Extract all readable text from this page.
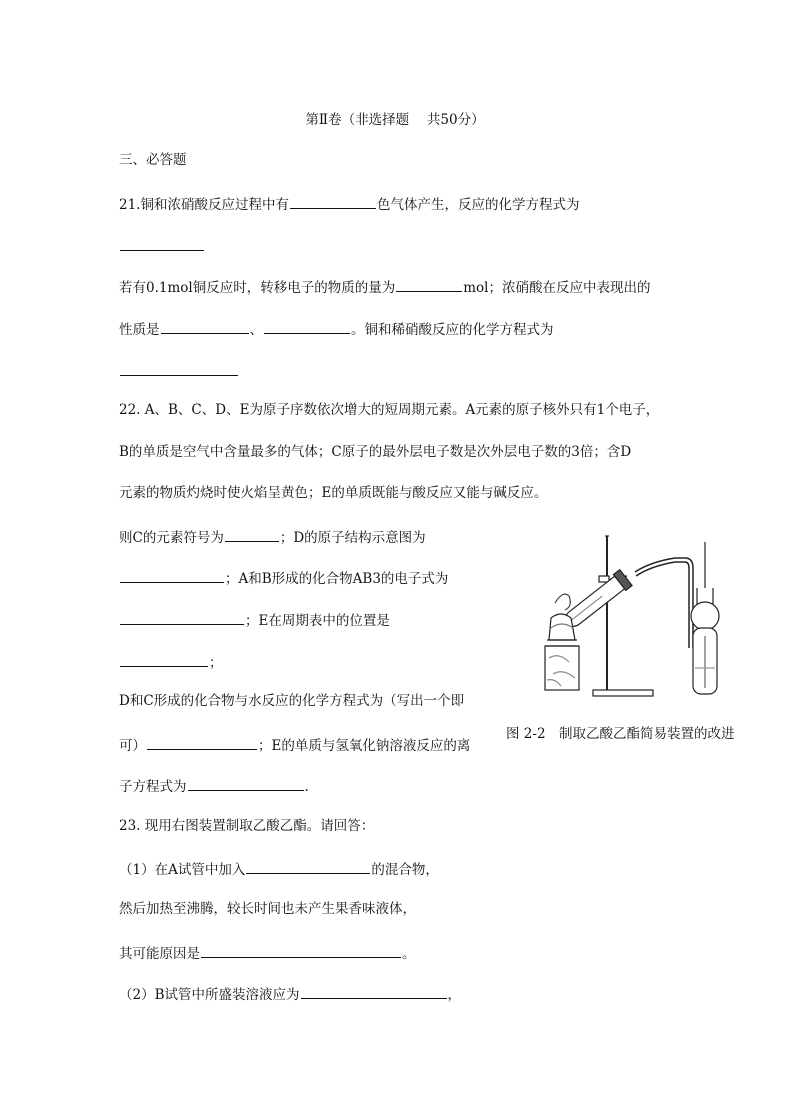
第Ⅱ卷（非选择题　 共50分）
三、必答题
21.铜和浓硝酸反应过程中有	色气体产生，反应的化学方程式为
若有0.1mol铜反应时，转移电子的物质的量为	mol；浓硝酸在反应中表现出的
性质是	、	。铜和稀硝酸反应的化学方程式为
22. A、B、C、D、E为原子序数依次增大的短周期元素。A元素的原子核外只有1个电子，
B的单质是空气中含量最多的气体；C原子的最外层电子数是次外层电子数的3倍；含D
元素的物质灼烧时使火焰呈黄色；E的单质既能与酸反应又能与碱反应。
则C的元素符号为	；D的原子结构示意图为
；A和B形成的化合物AB3的电子式为
；E在周期表中的位置是
；
D和C形成的化合物与水反应的化学方程式为（写出一个即
可）	；E的单质与氢氧化钠溶液反应的离
子方程式为	.
图 2-2　制取乙酸乙酯简易装置的改进
23. 现用右图装置制取乙酸乙酯。请回答：
（1）在A试管中加入	的混合物，
然后加热至沸腾，较长时间也未产生果香味液体，
其可能原因是	。
（2）B试管中所盛装溶液应为	，
